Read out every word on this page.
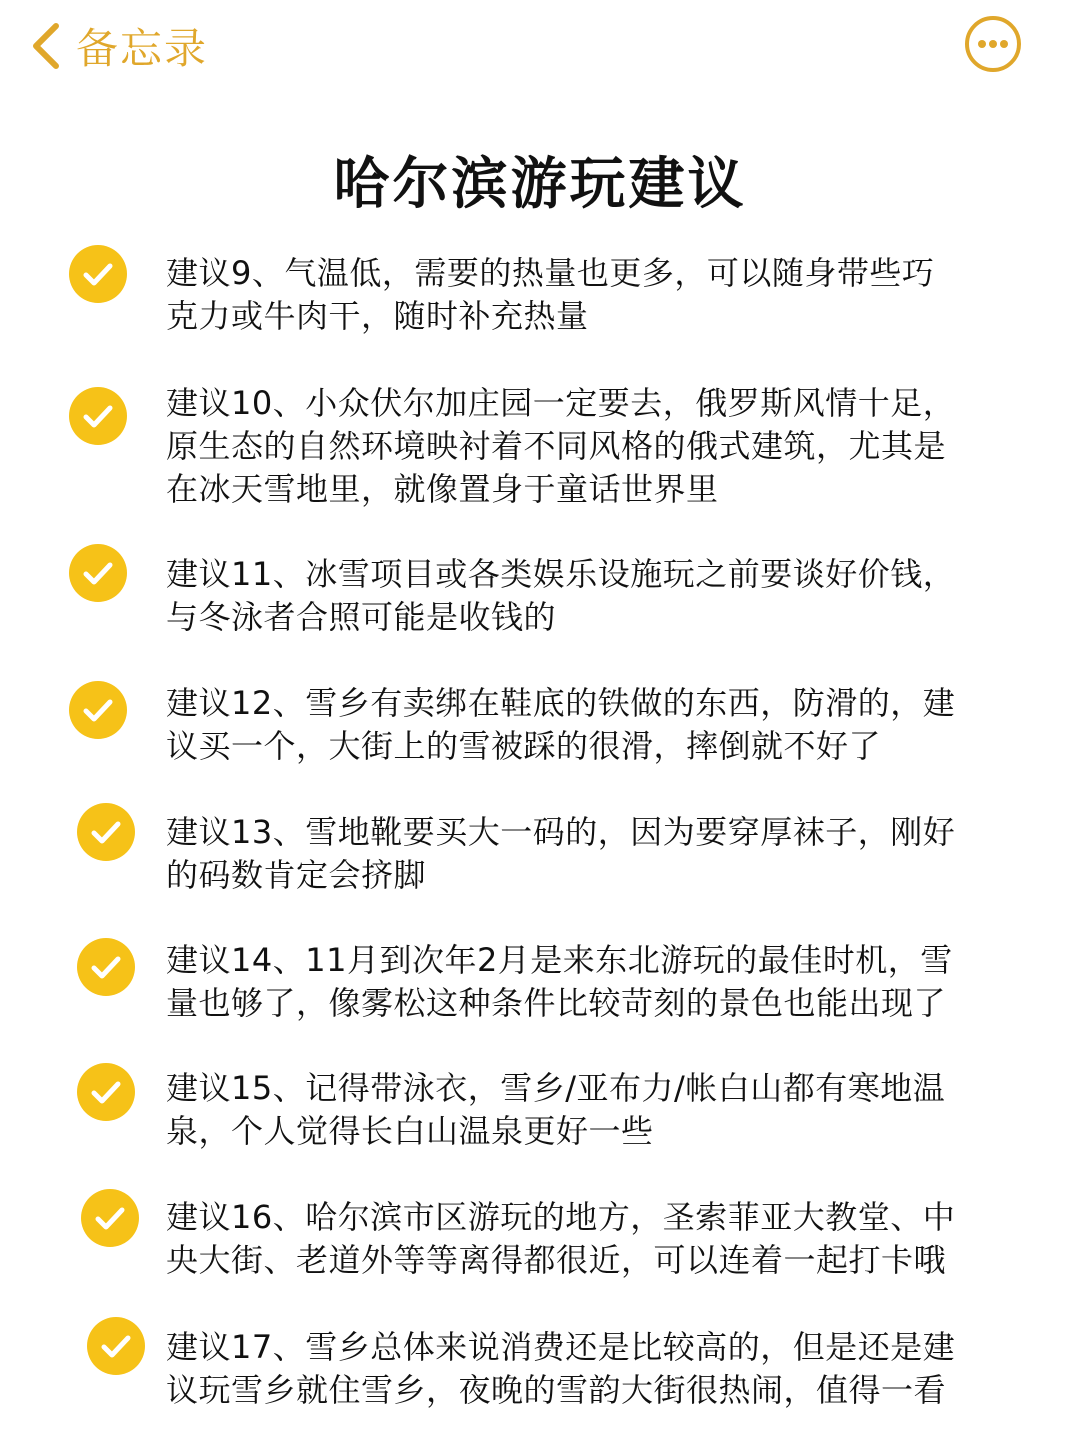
备忘录
哈尔滨游玩建议
建议9、气温低，需要的热量也更多，可以随身带些巧
克力或牛肉干，随时补充热量
建议10、小众伏尔加庄园一定要去，俄罗斯风情十足，
原生态的自然环境映衬着不同风格的俄式建筑，尤其是
在冰天雪地里，就像置身于童话世界里
建议11、冰雪项目或各类娱乐设施玩之前要谈好价钱，
与冬泳者合照可能是收钱的
建议12、雪乡有卖绑在鞋底的铁做的东西，防滑的，建
议买一个，大街上的雪被踩的很滑，摔倒就不好了
建议13、雪地靴要买大一码的，因为要穿厚袜子，刚好
的码数肯定会挤脚
建议14、11月到次年2月是来东北游玩的最佳时机，雪
量也够了，像雾松这种条件比较苛刻的景色也能出现了
建议15、记得带泳衣，雪乡/亚布力/帐白山都有寒地温
泉，个人觉得长白山温泉更好一些
建议16、哈尔滨市区游玩的地方，圣索菲亚大教堂、中
央大街、老道外等等离得都很近，可以连着一起打卡哦
建议17、雪乡总体来说消费还是比较高的，但是还是建
议玩雪乡就住雪乡，夜晚的雪韵大街很热闹，值得一看
